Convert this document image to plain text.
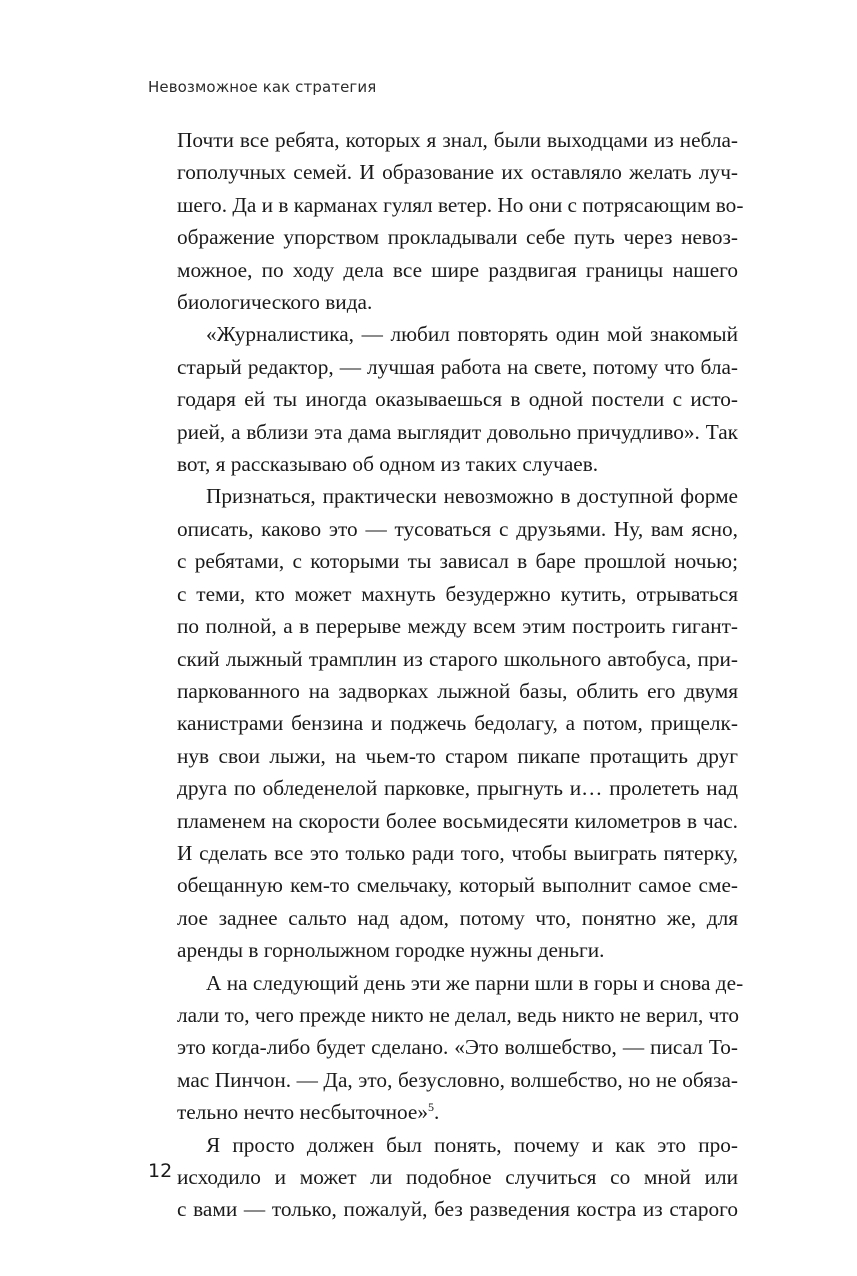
Невозможное как стратегия
Почти все ребята, которых я знал, были выходцами из небла-
гополучных семей. И образование их оставляло желать луч-
шего. Да и в карманах гулял ветер. Но они с потрясающим во-
ображение упорством прокладывали себе путь через невоз-
можное, по ходу дела все шире раздвигая границы нашего
биологического вида.
«Журналистика, — любил повторять один мой знакомый
старый редактор, — лучшая работа на свете, потому что бла-
годаря ей ты иногда оказываешься в одной постели с исто-
рией, а вблизи эта дама выглядит довольно причудливо». Так
вот, я рассказываю об одном из таких случаев.
Признаться, практически невозможно в доступной форме
описать, каково это — тусоваться с друзьями. Ну, вам ясно,
с ребятами, с которыми ты зависал в баре прошлой ночью;
с теми, кто может махнуть безудержно кутить, отрываться
по полной, а в перерыве между всем этим построить гигант-
ский лыжный трамплин из старого школьного автобуса, при-
паркованного на задворках лыжной базы, облить его двумя
канистрами бензина и поджечь бедолагу, а потом, прищелк-
нув свои лыжи, на чьем-то старом пикапе протащить друг
друга по обледенелой парковке, прыгнуть и… пролететь над
пламенем на скорости более восьмидесяти километров в час.
И сделать все это только ради того, чтобы выиграть пятерку,
обещанную кем-то смельчаку, который выполнит самое сме-
лое заднее сальто над адом, потому что, понятно же, для
аренды в горнолыжном городке нужны деньги.
А на следующий день эти же парни шли в горы и снова де-
лали то, чего прежде никто не делал, ведь никто не верил, что
это когда-либо будет сделано. «Это волшебство, — писал То-
мас Пинчон. — Да, это, безусловно, волшебство, но не обяза-
тельно нечто несбыточное»$^5$.
Я просто должен был понять, почему и как это про-
исходило и может ли подобное случиться со мной или
с вами — только, пожалуй, без разведения костра из старого
12
